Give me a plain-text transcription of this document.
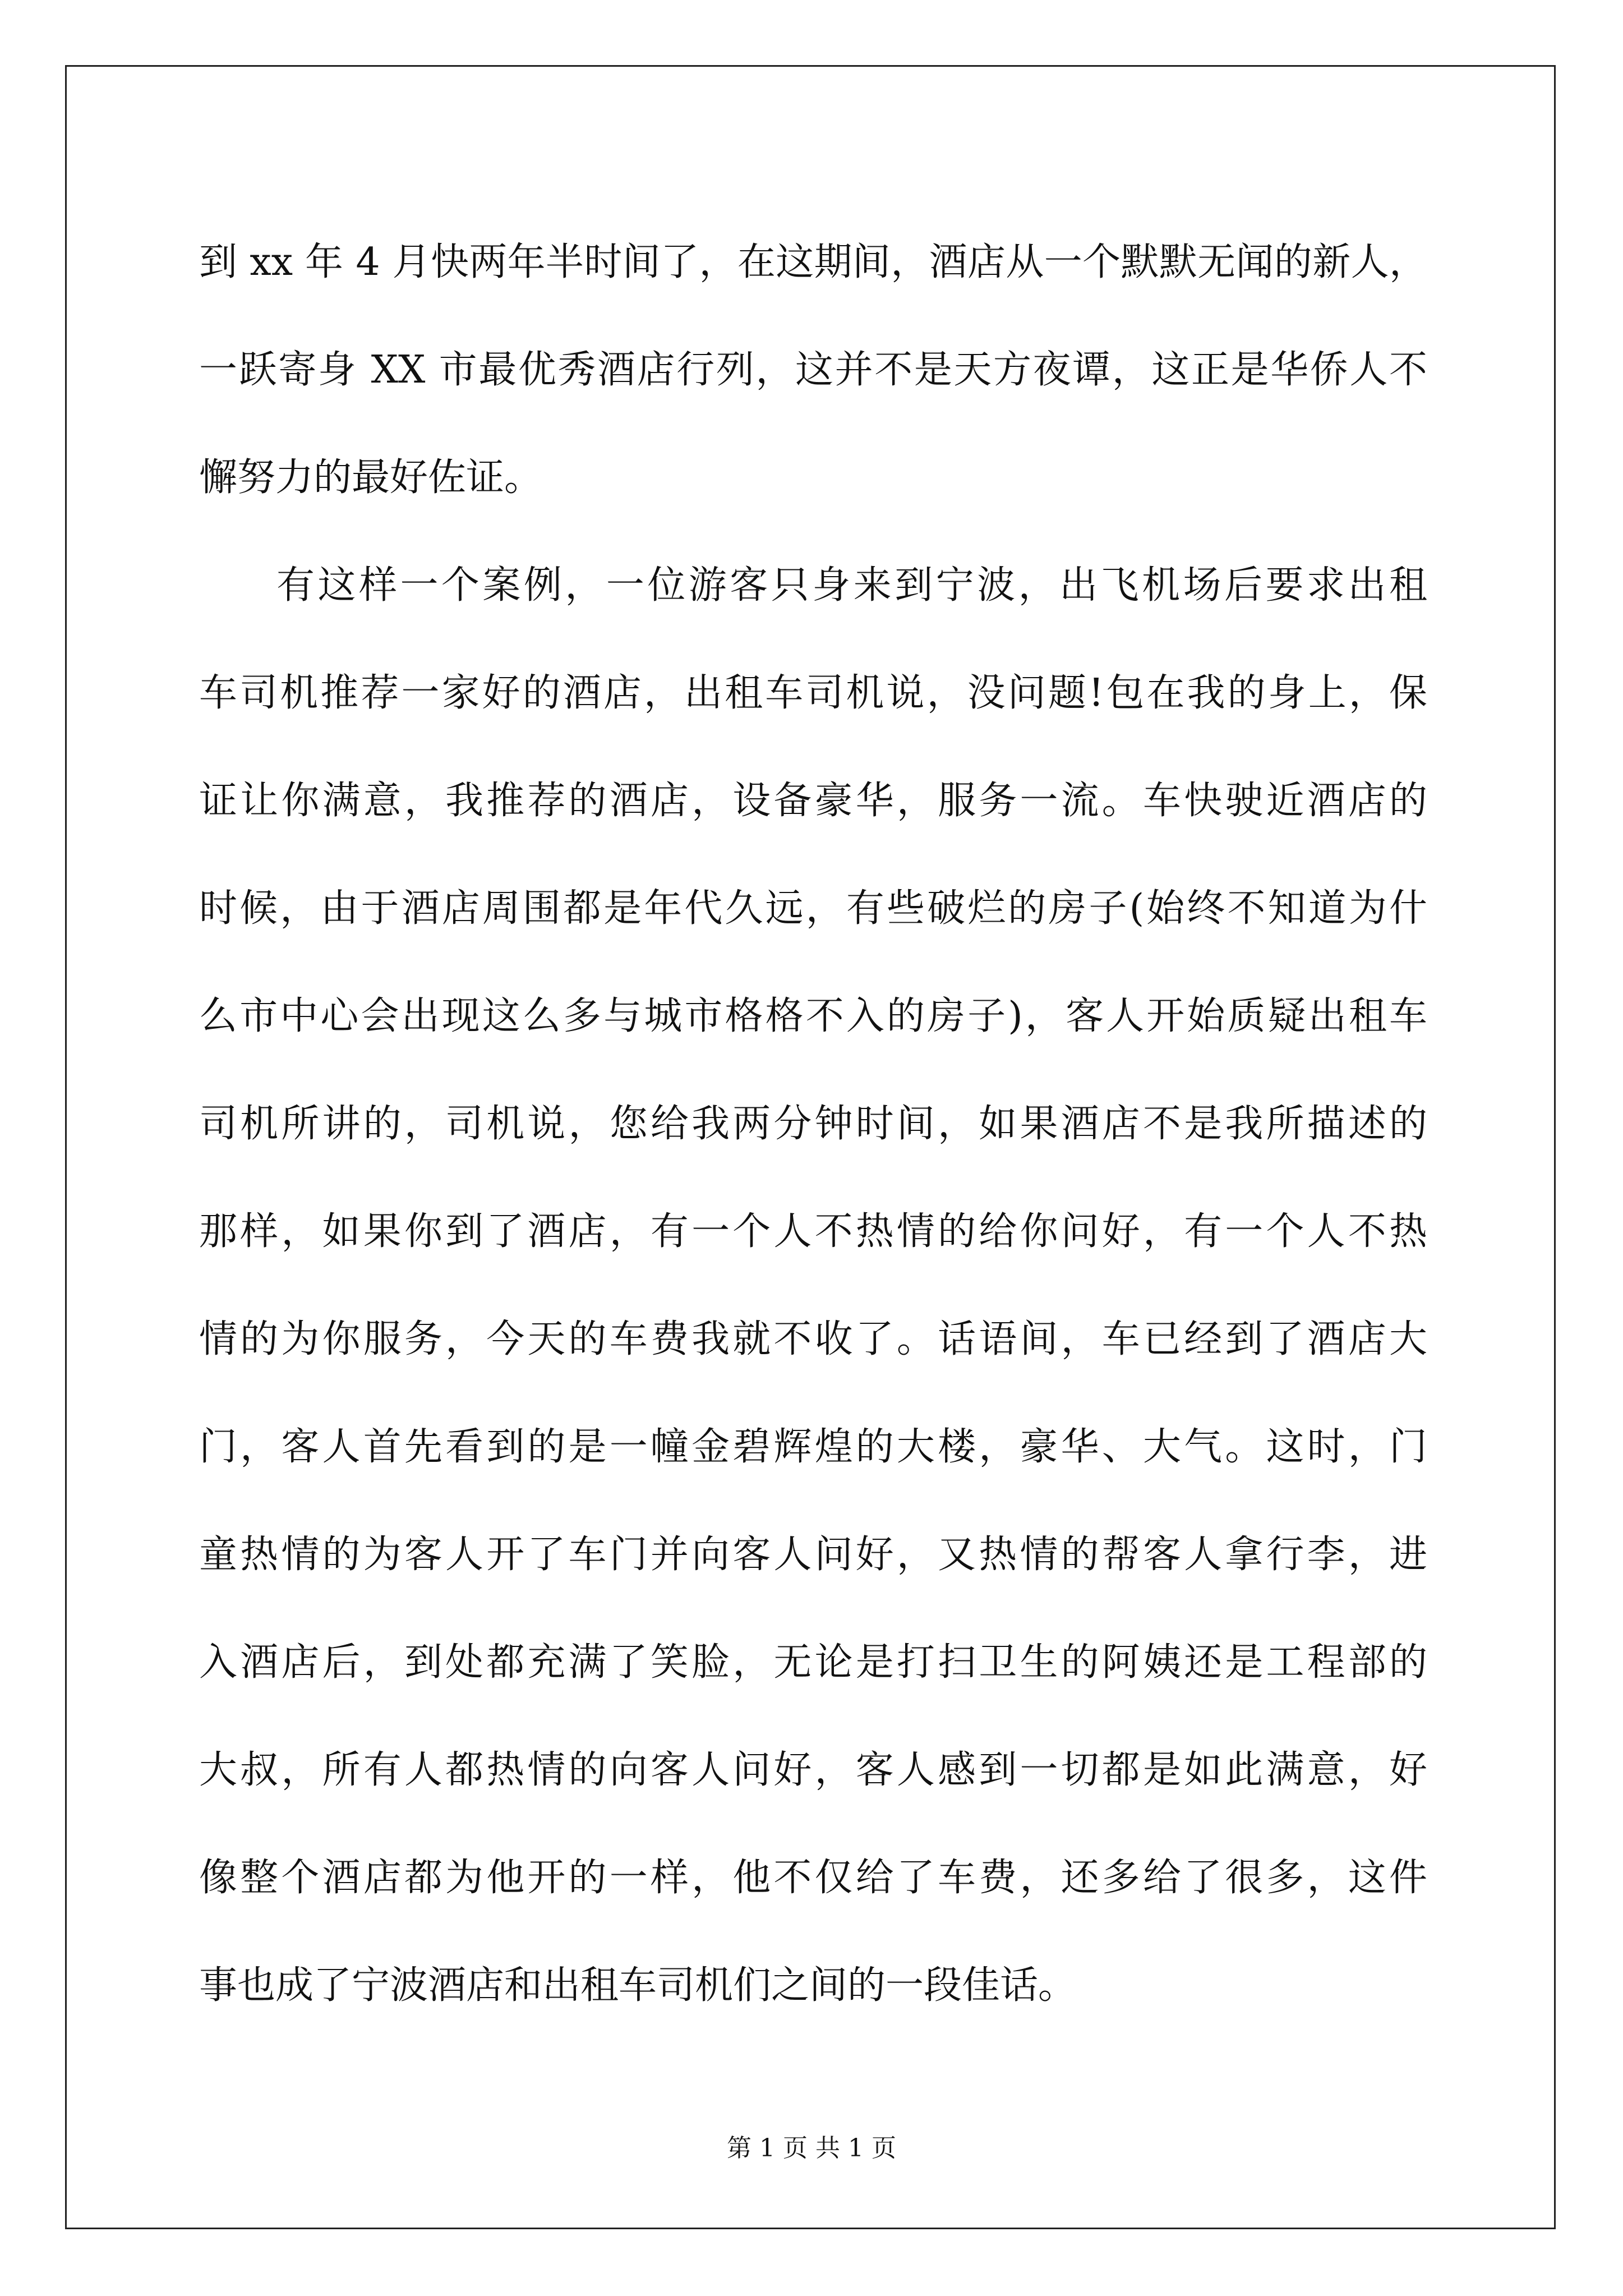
到 xx 年 4 月快两年半时间了，在这期间，酒店从一个默默无闻的新人，
一跃寄身 XX 市最优秀酒店行列，这并不是天方夜谭，这正是华侨人不
懈努力的最好佐证。

有这样一个案例，一位游客只身来到宁波，出飞机场后要求出租
车司机推荐一家好的酒店，出租车司机说，没问题!包在我的身上，保
证让你满意，我推荐的酒店，设备豪华，服务一流。车快驶近酒店的
时候，由于酒店周围都是年代久远，有些破烂的房子(始终不知道为什
么市中心会出现这么多与城市格格不入的房子)，客人开始质疑出租车
司机所讲的，司机说，您给我两分钟时间，如果酒店不是我所描述的
那样，如果你到了酒店，有一个人不热情的给你问好，有一个人不热
情的为你服务，今天的车费我就不收了。话语间，车已经到了酒店大
门，客人首先看到的是一幢金碧辉煌的大楼，豪华、大气。这时，门
童热情的为客人开了车门并向客人问好，又热情的帮客人拿行李，进
入酒店后，到处都充满了笑脸，无论是打扫卫生的阿姨还是工程部的
大叔，所有人都热情的向客人问好，客人感到一切都是如此满意，好
像整个酒店都为他开的一样，他不仅给了车费，还多给了很多，这件
事也成了宁波酒店和出租车司机们之间的一段佳话。

第 1 页 共 1 页
